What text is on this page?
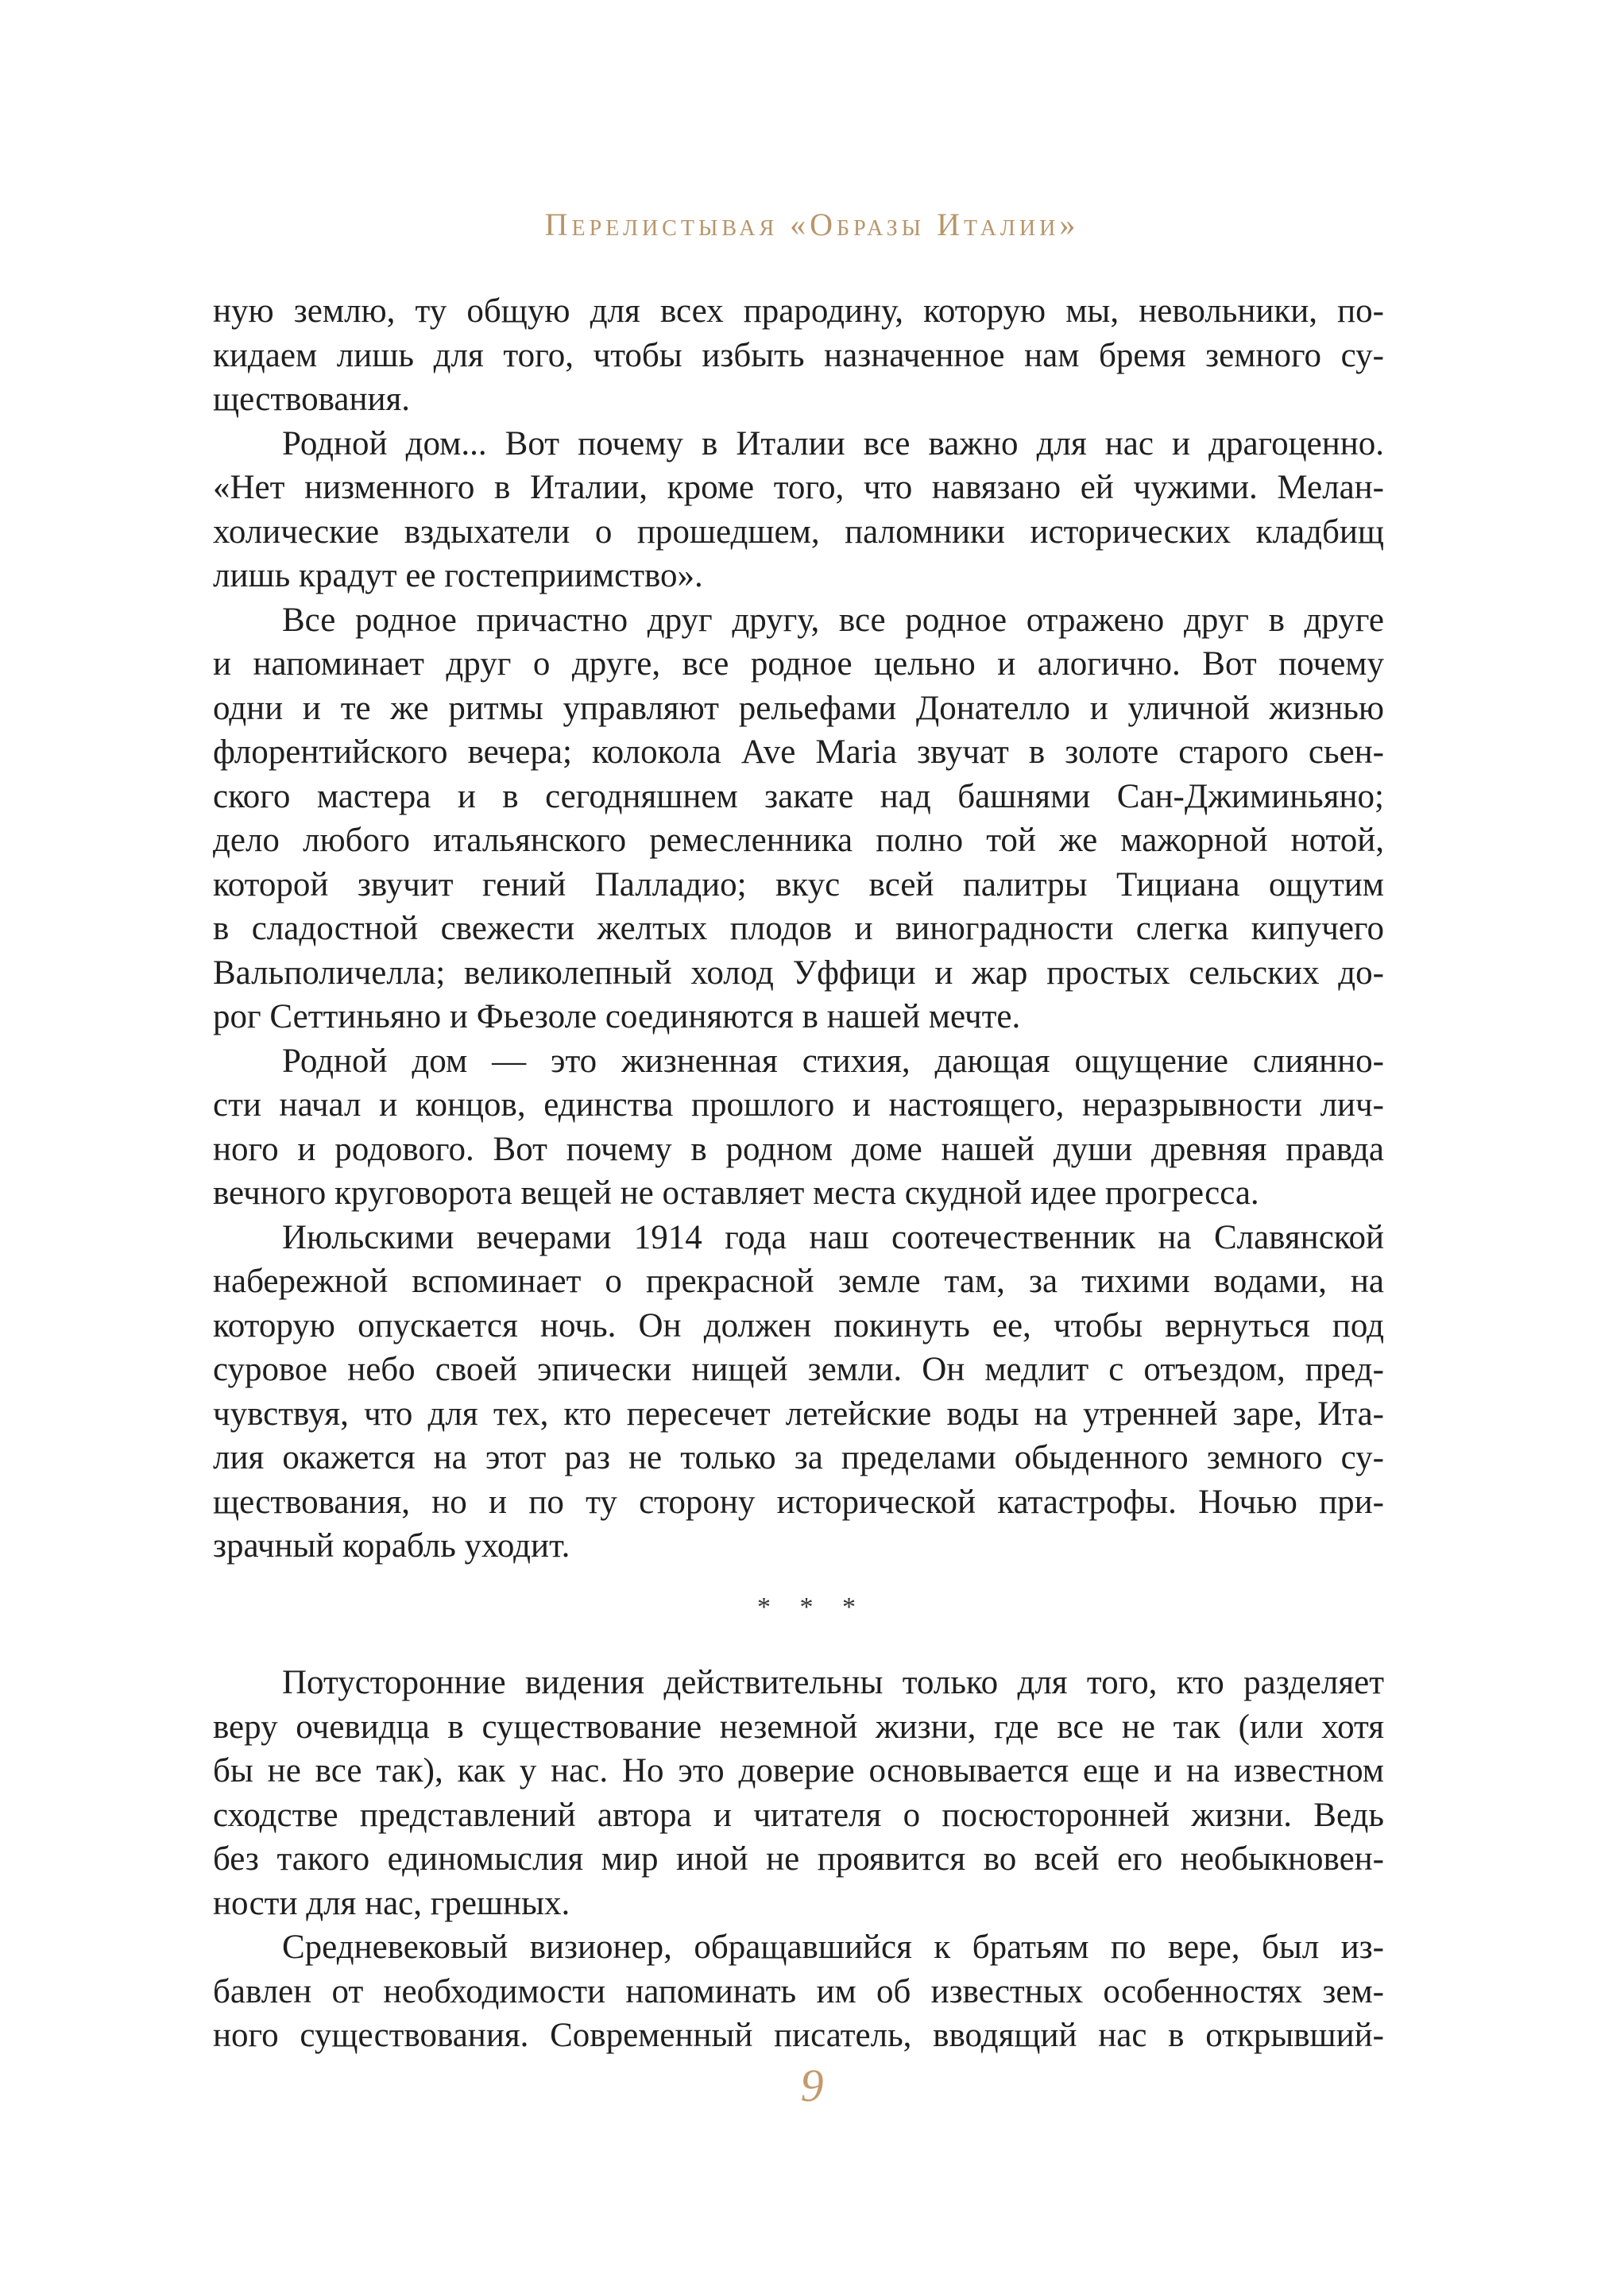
Перелистывая «Образы Италии»
ную землю, ту общую для всех прародину, которую мы, невольники, по-
кидаем лишь для того, чтобы избыть назначенное нам бремя земного су-
ществования.
Родной дом... Вот почему в Италии все важно для нас и драгоценно.
«Нет низменного в Италии, кроме того, что навязано ей чужими. Мелан-
холические вздыхатели о прошедшем, паломники исторических кладбищ
лишь крадут ее гостеприимство».
Все родное причастно друг другу, все родное отражено друг в друге
и напоминает друг о друге, все родное цельно и алогично. Вот почему
одни и те же ритмы управляют рельефами Донателло и уличной жизнью
флорентийского вечера; колокола Ave Maria звучат в золоте старого сьен-
ского мастера и в сегодняшнем закате над башнями Сан-Джиминьяно;
дело любого итальянского ремесленника полно той же мажорной нотой,
которой звучит гений Палладио; вкус всей палитры Тициана ощутим
в сладостной свежести желтых плодов и виноградности слегка кипучего
Вальполичелла; великолепный холод Уффици и жар простых сельских до-
рог Сеттиньяно и Фьезоле соединяются в нашей мечте.
Родной дом — это жизненная стихия, дающая ощущение слиянно-
сти начал и концов, единства прошлого и настоящего, неразрывности лич-
ного и родового. Вот почему в родном доме нашей души древняя правда
вечного круговорота вещей не оставляет места скудной идее прогресса.
Июльскими вечерами 1914 года наш соотечественник на Славянской
набережной вспоминает о прекрасной земле там, за тихими водами, на
которую опускается ночь. Он должен покинуть ее, чтобы вернуться под
суровое небо своей эпически нищей земли. Он медлит с отъездом, пред-
чувствуя, что для тех, кто пересечет летейские воды на утренней заре, Ита-
лия окажется на этот раз не только за пределами обыденного земного су-
ществования, но и по ту сторону исторической катастрофы. Ночью при-
зрачный корабль уходит.
* * *
Потусторонние видения действительны только для того, кто разделяет
веру очевидца в существование неземной жизни, где все не так (или хотя
бы не все так), как у нас. Но это доверие основывается еще и на известном
сходстве представлений автора и читателя о посюсторонней жизни. Ведь
без такого единомыслия мир иной не проявится во всей его необыкновен-
ности для нас, грешных.
Средневековый визионер, обращавшийся к братьям по вере, был из-
бавлен от необходимости напоминать им об известных особенностях зем-
ного существования. Современный писатель, вводящий нас в открывший-
9
